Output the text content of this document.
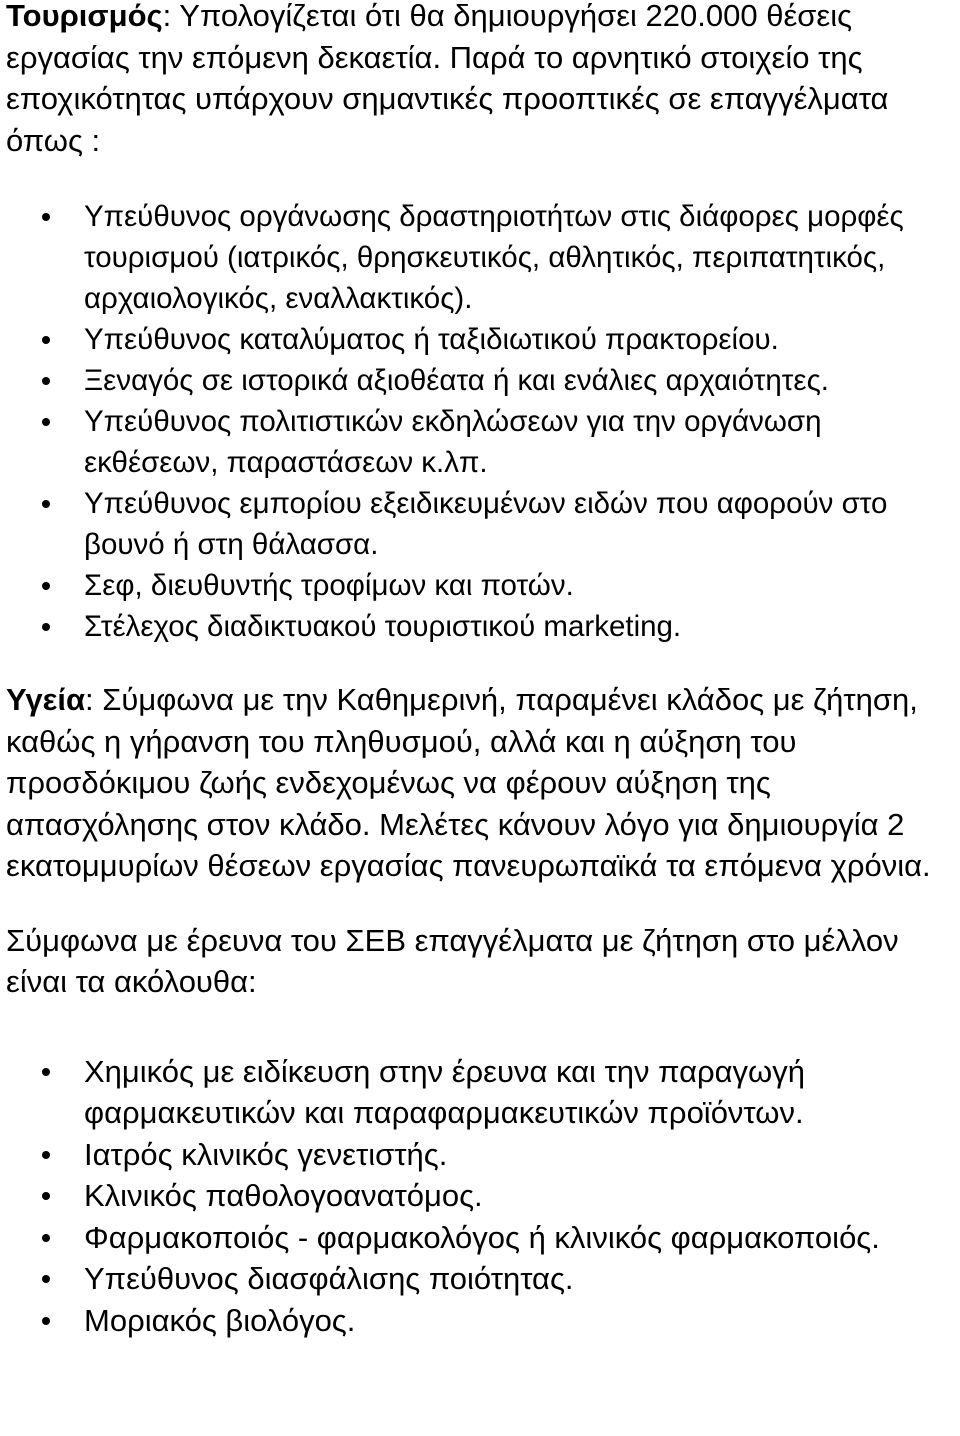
Τουρισμός: Υπολογίζεται ότι θα δημιουργήσει 220.000 θέσεις εργασίας την επόμενη δεκαετία. Παρά το αρνητικό στοιχείο της εποχικότητας υπάρχουν σημαντικές προοπτικές σε επαγγέλματα όπως :

Υπεύθυνος οργάνωσης δραστηριοτήτων στις διάφορες μορφές τουρισμού (ιατρικός, θρησκευτικός, αθλητικός, περιπατητικός, αρχαιολογικός, εναλλακτικός).
Υπεύθυνος καταλύματος ή ταξιδιωτικού πρακτορείου.
Ξεναγός σε ιστορικά αξιοθέατα ή και ενάλιες αρχαιότητες.
Υπεύθυνος πολιτιστικών εκδηλώσεων για την οργάνωση εκθέσεων, παραστάσεων κ.λπ.
Υπεύθυνος εμπορίου εξειδικευμένων ειδών που αφορούν στο βουνό ή στη θάλασσα.
Σεφ, διευθυντής τροφίμων και ποτών.
Στέλεχος διαδικτυακού τουριστικού marketing.

Υγεία: Σύμφωνα με την Καθημερινή, παραμένει κλάδος με ζήτηση, καθώς η γήρανση του πληθυσμού, αλλά και η αύξηση του προσδόκιμου ζωής ενδεχομένως να φέρουν αύξηση της απασχόλησης στον κλάδο. Μελέτες κάνουν λόγο για δημιουργία 2 εκατομμυρίων θέσεων εργασίας πανευρωπαϊκά τα επόμενα χρόνια.

Σύμφωνα με έρευνα του ΣΕΒ επαγγέλματα με ζήτηση στο μέλλον είναι τα ακόλουθα:

Χημικός με ειδίκευση στην έρευνα και την παραγωγή φαρμακευτικών και παραφαρμακευτικών προϊόντων.
Ιατρός κλινικός γενετιστής.
Κλινικός παθολογοανατόμος.
Φαρμακοποιός - φαρμακολόγος ή κλινικός φαρμακοποιός.
Υπεύθυνος διασφάλισης ποιότητας.
Μοριακός βιολόγος.
